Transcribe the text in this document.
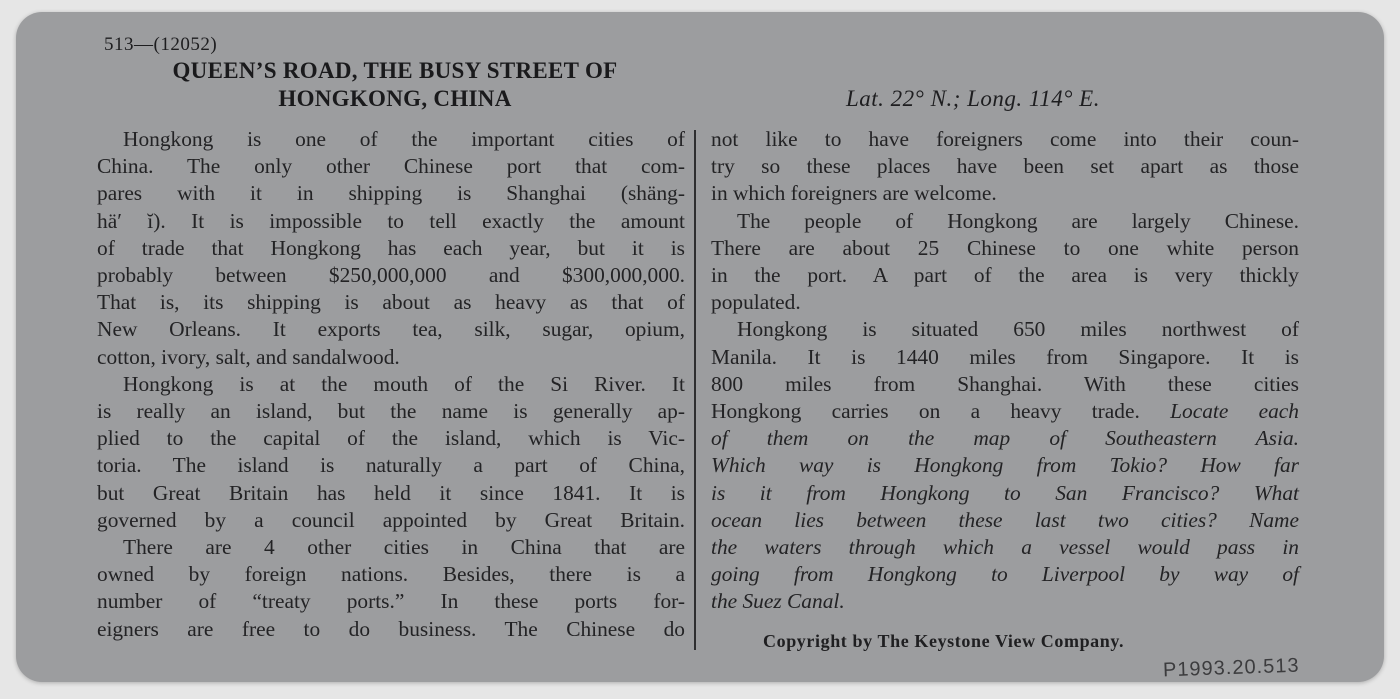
513—(12052)
QUEEN’S ROAD, THE BUSY STREET OF
HONGKONG, CHINA	Lat. 22° N.; Long. 114° E.
Hongkong is one of the important cities of
China. The only other Chinese port that com-
pares with it in shipping is Shanghai (shäng-
hä′ ĭ). It is impossible to tell exactly the amount
of trade that Hongkong has each year, but it is
probably between $250,000,000 and $300,000,000.
That is, its shipping is about as heavy as that of
New Orleans. It exports tea, silk, sugar, opium,
cotton, ivory, salt, and sandalwood.
Hongkong is at the mouth of the Si River. It
is really an island, but the name is generally ap-
plied to the capital of the island, which is Vic-
toria. The island is naturally a part of China,
but Great Britain has held it since 1841. It is
governed by a council appointed by Great Britain.
There are 4 other cities in China that are
owned by foreign nations. Besides, there is a
number of “treaty ports.” In these ports for-
eigners are free to do business. The Chinese do
not like to have foreigners come into their coun-
try so these places have been set apart as those
in which foreigners are welcome.
The people of Hongkong are largely Chinese.
There are about 25 Chinese to one white person
in the port. A part of the area is very thickly
populated.
Hongkong is situated 650 miles northwest of
Manila. It is 1440 miles from Singapore. It is
800 miles from Shanghai. With these cities
Hongkong carries on a heavy trade. Locate each
of them on the map of Southeastern Asia.
Which way is Hongkong from Tokio? How far
is it from Hongkong to San Francisco? What
ocean lies between these last two cities? Name
the waters through which a vessel would pass in
going from Hongkong to Liverpool by way of
the Suez Canal.
Copyright by The Keystone View Company.
P1993.20.513
